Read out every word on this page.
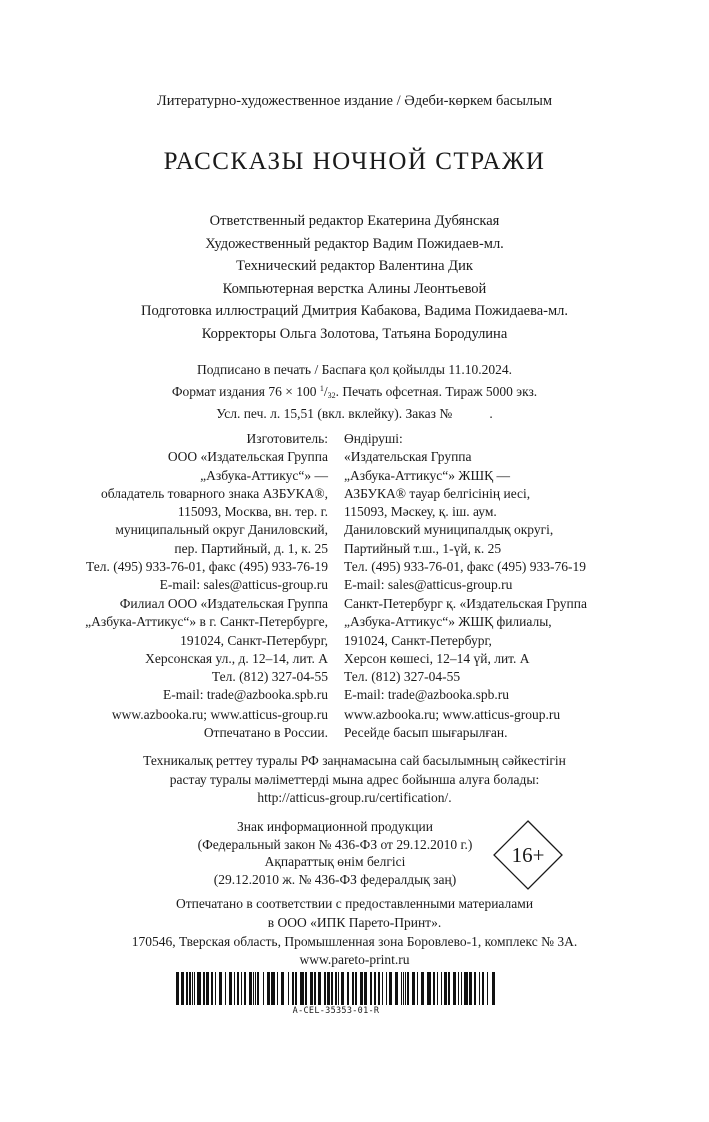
Литературно-художественное издание / Әдеби-көркем басылым
РАССКАЗЫ НОЧНОЙ СТРАЖИ
Ответственный редактор Екатерина Дубянская
Художественный редактор Вадим Пожидаев-мл.
Технический редактор Валентина Дик
Компьютерная верстка Алины Леонтьевой
Подготовка иллюстраций Дмитрия Кабакова, Вадима Пожидаева-мл.
Корректоры Ольга Золотова, Татьяна Бородулина
Подписано в печать / Баспаға қол қойылды 11.10.2024.
Формат издания 76 × 100 $^1/_{32}$. Печать офсетная. Тираж 5000 экз.
Усл. печ. л. 15,51 (вкл. вклейку). Заказ №           .
Изготовитель:
ООО «Издательская Группа
„Азбука-Аттикус“» —
обладатель товарного знака АЗБУКА®,
115093, Москва, вн. тер. г.
муниципальный округ Даниловский,
пер. Партийный, д. 1, к. 25
Тел. (495) 933-76-01, факс (495) 933-76-19
E-mail: sales@atticus-group.ru
Өндіруші:
«Издательская Группа
„Азбука-Аттикус“» ЖШҚ —
АЗБУКА® тауар белгісінің иесі,
115093, Мәскеу, қ. іш. аум.
Даниловский муниципалдық округі,
Партийный т.ш., 1-үй, к. 25
Тел. (495) 933-76-01, факс (495) 933-76-19
E-mail: sales@atticus-group.ru
Филиал ООО «Издательская Группа
„Азбука-Аттикус“» в г. Санкт-Петербурге,
191024, Санкт-Петербург,
Херсонская ул., д. 12–14, лит. А
Тел. (812) 327-04-55
E-mail: trade@azbooka.spb.ru
Санкт-Петербург қ. «Издательская Группа
„Азбука-Аттикус“» ЖШҚ филиалы,
191024, Санкт-Петербург,
Херсон көшесі, 12–14 үй, лит. А
Тел. (812) 327-04-55
E-mail: trade@azbooka.spb.ru
www.azbooka.ru; www.atticus-group.ru
Отпечатано в России.
www.azbooka.ru; www.atticus-group.ru
Ресейде басып шығарылған.
Техникалық реттеу туралы РФ заңнамасына сай басылымның сәйкестігін
растау туралы мәліметтерді мына адрес бойынша алуға болады:
http://atticus-group.ru/certification/.
Знак информационной продукции
(Федеральный закон № 436-ФЗ от 29.12.2010 г.)
Ақпараттық өнім белгісі
(29.12.2010 ж. № 436-ФЗ федералдық заң)
16+
Отпечатано в соответствии с предоставленными материалами
в ООО «ИПК Парето-Принт».
170546, Тверская область, Промышленная зона Боровлево-1, комплекс № 3А.
www.pareto-print.ru
A-CEL-35353-01-R
